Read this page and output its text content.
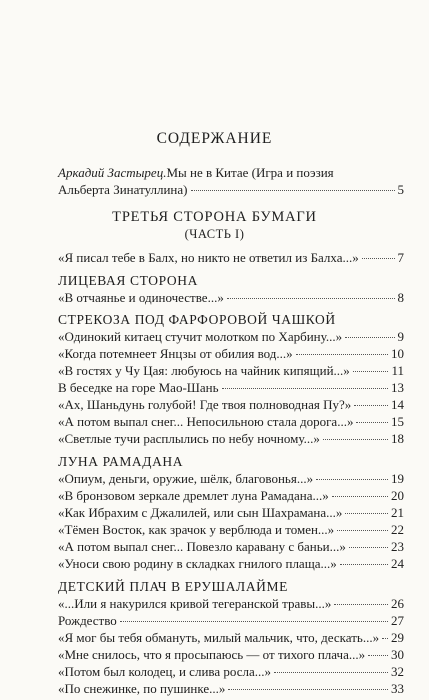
СОДЕРЖАНИЕ
Аркадий Застырец. Мы не в Китае (Игра и поэзия
Альберта Зинатуллина)	5
ТРЕТЬЯ СТОРОНА БУМАГИ
(ЧАСТЬ I)
«Я писал тебе в Балх, но никто не ответил из Балха...»	7
ЛИЦЕВАЯ СТОРОНА
«В отчаянье и одиночестве...»	8
СТРЕКОЗА ПОД ФАРФОРОВОЙ ЧАШКОЙ
«Одинокий китаец стучит молотком по Харбину...»	9
«Когда потемнеет Янцзы от обилия вод...»	10
«В гостях у Чу Цая: любуюсь на чайник кипящий...»	11
В беседке на горе Мао-Шань	13
«Ах, Шаньдунь голубой! Где твоя полноводная Пу?»	14
«А потом выпал снег... Непосильною стала дорога...»	15
«Светлые тучи расплылись по небу ночному...»	18
ЛУНА РАМАДАНА
«Опиум, деньги, оружие, шёлк, благовонья...»	19
«В бронзовом зеркале дремлет луна Рамадана...»	20
«Как Ибрахим с Джалилей, или сын Шахрамана...»	21
«Тёмен Восток, как зрачок у верблюда и томен...»	22
«А потом выпал снег... Повезло каравану с баньи...»	23
«Уноси свою родину в складках гнилого плаща...»	24
ДЕТСКИЙ ПЛАЧ В ЕРУШАЛАЙМЕ
«...Или я накурился кривой тегеранской травы...»	26
Рождество	27
«Я мог бы тебя обмануть, милый мальчик, что, дескать...» 29
«Мне снилось, что я просыпаюсь — от тихого плача...» 30
«Потом был колодец, и слива росла...»	32
«По снежинке, по пушинке...»	33
